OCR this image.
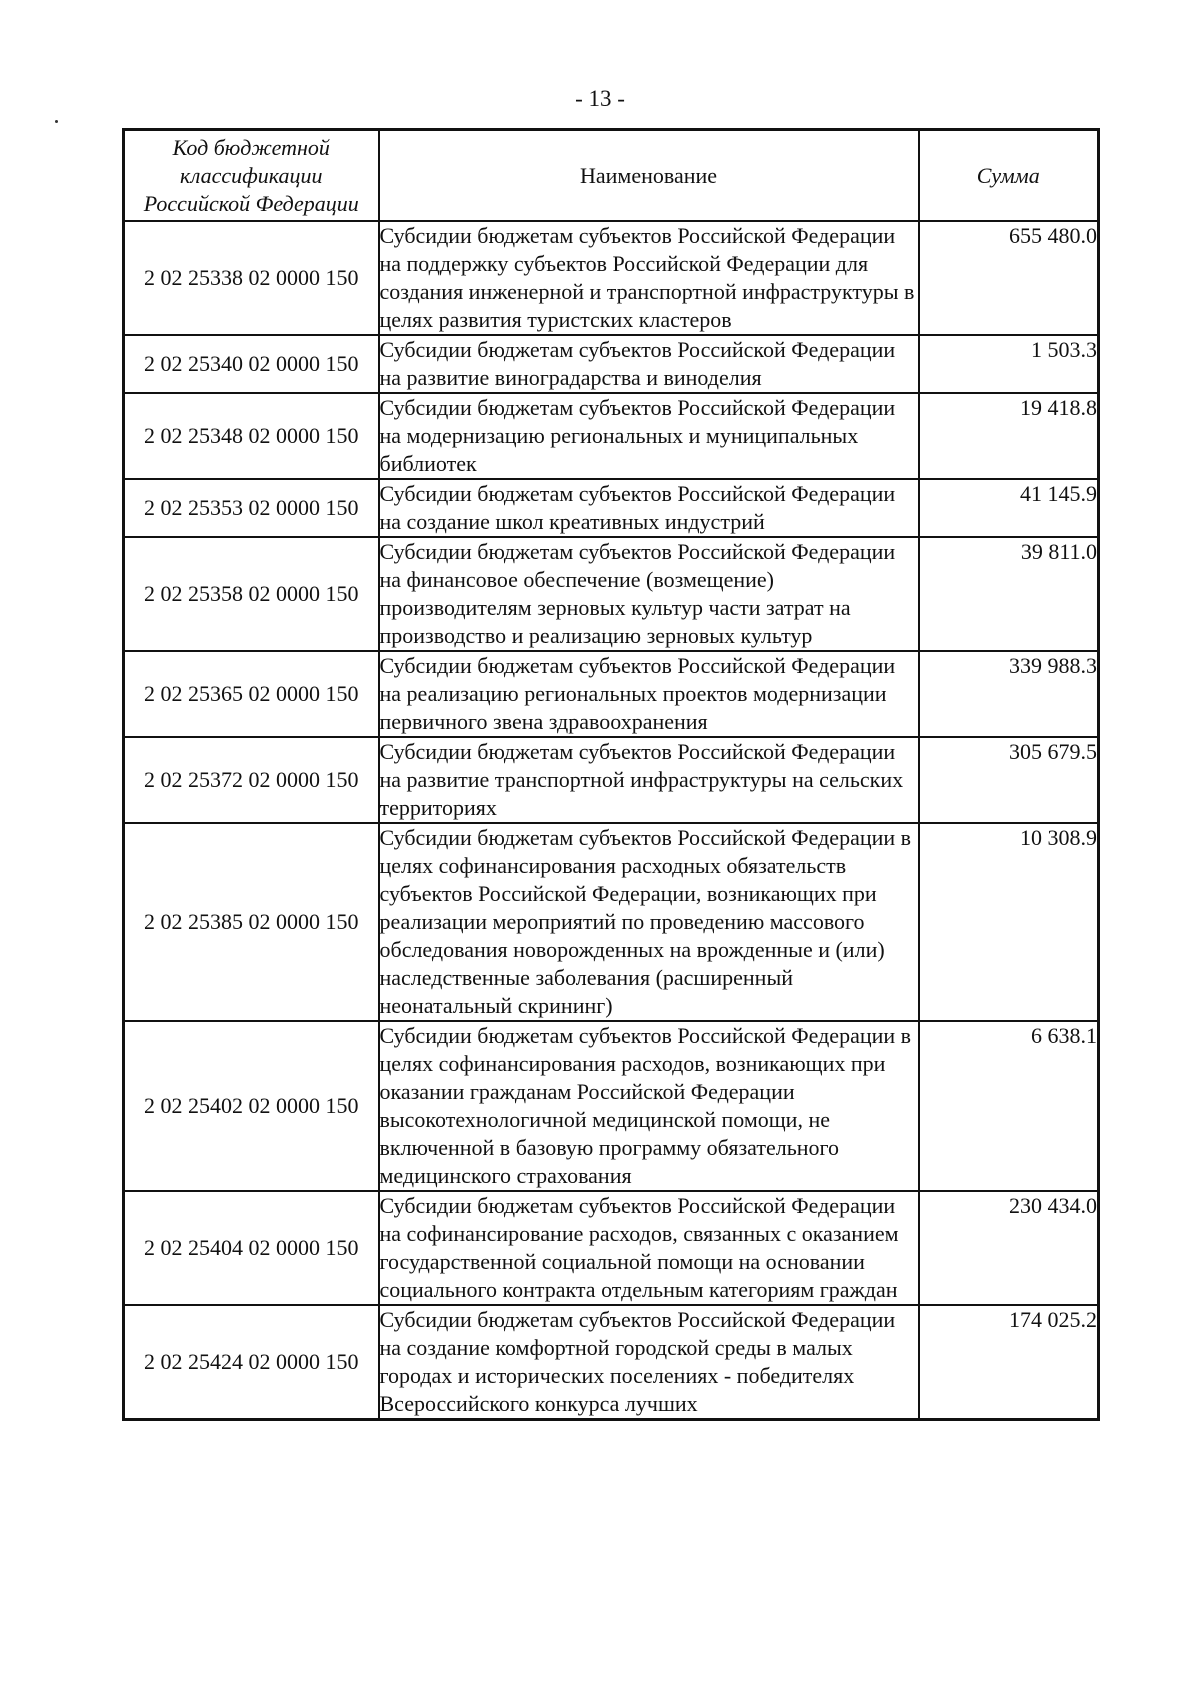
- 13 -
Код бюджетной классификации Российской Федерации	Наименование	Сумма
2 02 25338 02 0000 150	Субсидии бюджетам субъектов Российской Федерации на поддержку субъектов Российской Федерации для создания инженерной и транспортной инфраструктуры в целях развития туристских кластеров	655 480.0
2 02 25340 02 0000 150	Субсидии бюджетам субъектов Российской Федерации на развитие виноградарства и виноделия	1 503.3
2 02 25348 02 0000 150	Субсидии бюджетам субъектов Российской Федерации на модернизацию региональных и муниципальных библиотек	19 418.8
2 02 25353 02 0000 150	Субсидии бюджетам субъектов Российской Федерации на создание школ креативных индустрий	41 145.9
2 02 25358 02 0000 150	Субсидии бюджетам субъектов Российской Федерации на финансовое обеспечение (возмещение) производителям зерновых культур части затрат на производство и реализацию зерновых культур	39 811.0
2 02 25365 02 0000 150	Субсидии бюджетам субъектов Российской Федерации на реализацию региональных проектов модернизации первичного звена здравоохранения	339 988.3
2 02 25372 02 0000 150	Субсидии бюджетам субъектов Российской Федерации на развитие транспортной инфраструктуры на сельских территориях	305 679.5
2 02 25385 02 0000 150	Субсидии бюджетам субъектов Российской Федерации в целях софинансирования расходных обязательств субъектов Российской Федерации, возникающих при реализации мероприятий по проведению массового обследования новорожденных на врожденные и (или) наследственные заболевания (расширенный неонатальный скрининг)	10 308.9
2 02 25402 02 0000 150	Субсидии бюджетам субъектов Российской Федерации в целях софинансирования расходов, возникающих при оказании гражданам Российской Федерации высокотехнологичной медицинской помощи, не включенной в базовую программу обязательного медицинского страхования	6 638.1
2 02 25404 02 0000 150	Субсидии бюджетам субъектов Российской Федерации на софинансирование расходов, связанных с оказанием государственной социальной помощи на основании социального контракта отдельным категориям граждан	230 434.0
2 02 25424 02 0000 150	Субсидии бюджетам субъектов Российской Федерации на создание комфортной городской среды в малых городах и исторических поселениях - победителях Всероссийского конкурса лучших	174 025.2
